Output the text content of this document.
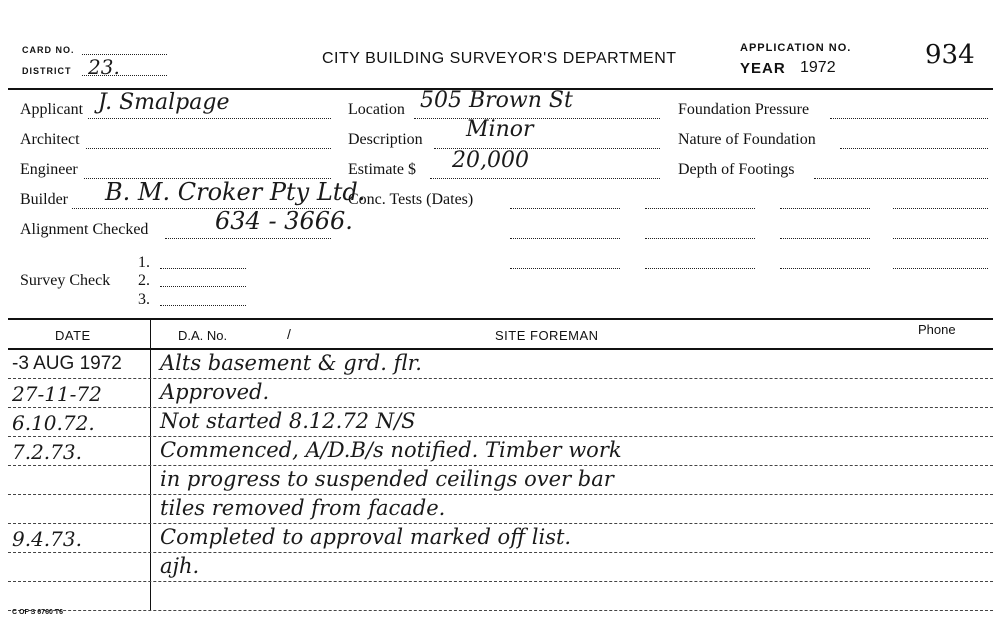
CARD NO.
DISTRICT 23.	CITY BUILDING SURVEYOR'S DEPARTMENT
APPLICATION NO.
YEAR 1972	934
Applicant J. Smalpage
Architect
Engineer
Builder B. M. Croker Pty Ltd.
Alignment Checked	634 - 3666.
Survey Check
1.
2.
3.
Location 505 Brown St
Description Minor
Estimate $ 20,000
Conc. Tests (Dates)
Foundation Pressure
Nature of Foundation
Depth of Footings
DATE	D.A. No.	/	SITE FOREMAN	Phone
-3 AUG 1972 Alts basement & grd. flr.
27-11-72	Approved.
6.10.72.	Not started 8.12.72 N/S
7.2.73.	Commenced, A/D.B/s notified. Timber work
in progress to suspended ceilings over bar
tiles removed from facade.
9.4.73.	Completed to approval marked off list.
ajh.
C OF S 6760 T6
